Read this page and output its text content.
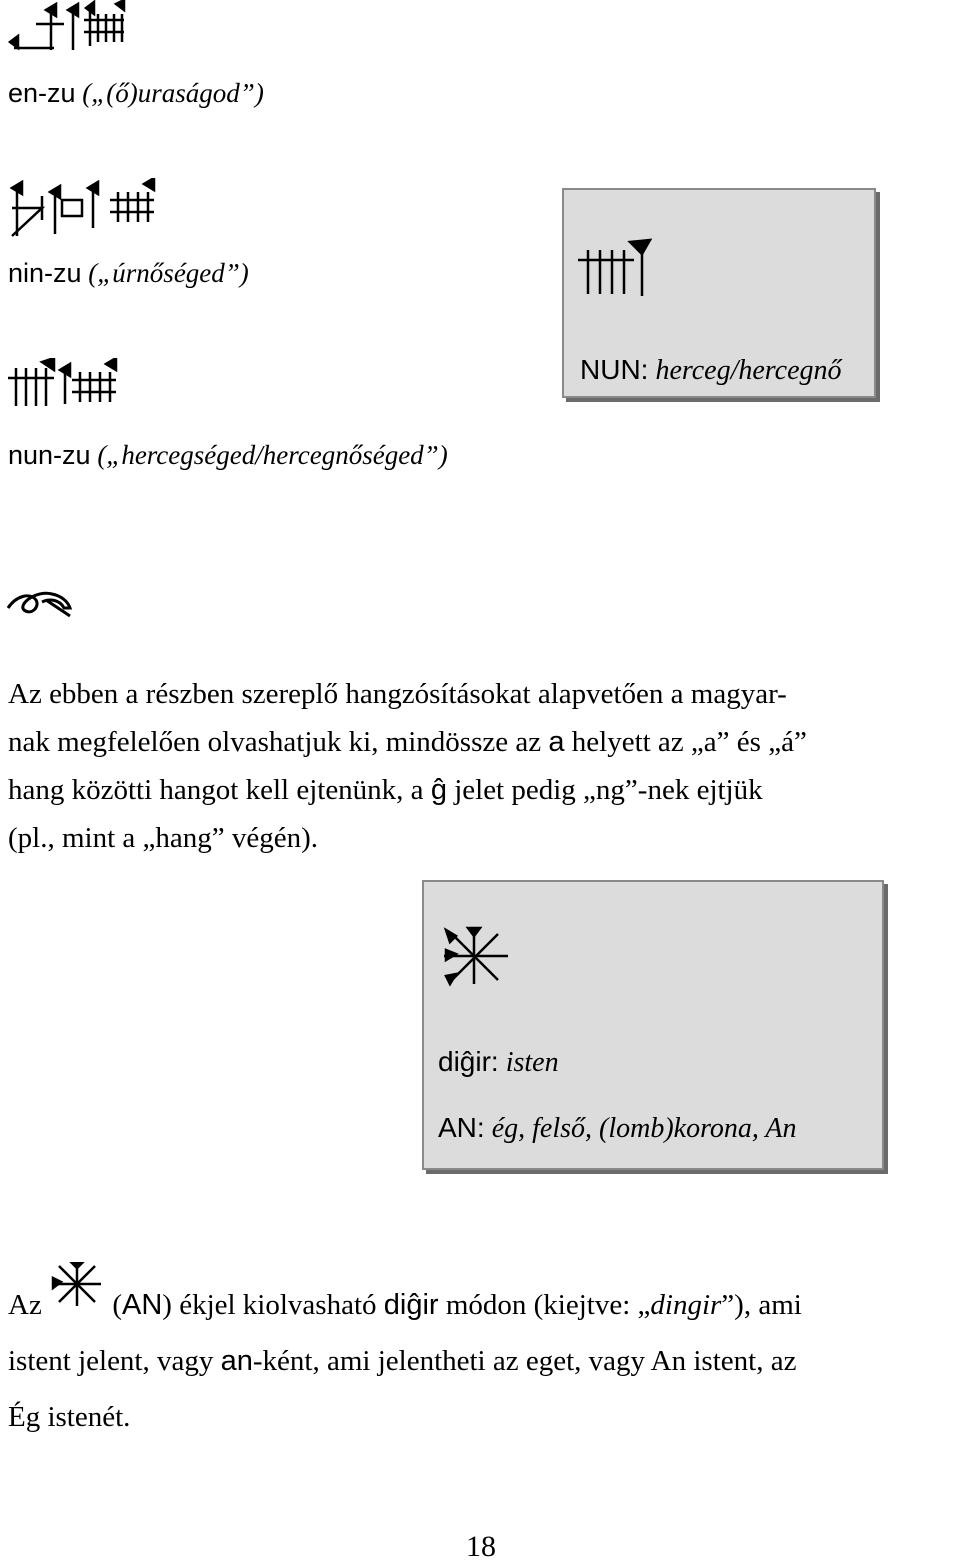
en-zu („(ő)uraságod”)
nin-zu („úrnőséged”)
nun-zu („hercegséged/hercegnőséged”)
NUN: herceg/hercegnő

Az ebben a részben szereplő hangzósításokat alapvetően a magyar-

nak megfelelően olvashatjuk ki, mindössze az a helyett az „a” és „á”

hang közötti hangot kell ejtenünk, a ĝ jelet pedig „ng”-nek ejtjük

(pl., mint a „hang” végén).

diĝir: isten
AN: ég, felső, (lomb)korona, An

Az  (AN) ékjel kiolvasható diĝir módon (kiejtve: „dingir”), ami

istent jelent, vagy an-ként, ami jelentheti az eget, vagy An istent, az

Ég istenét.

18
